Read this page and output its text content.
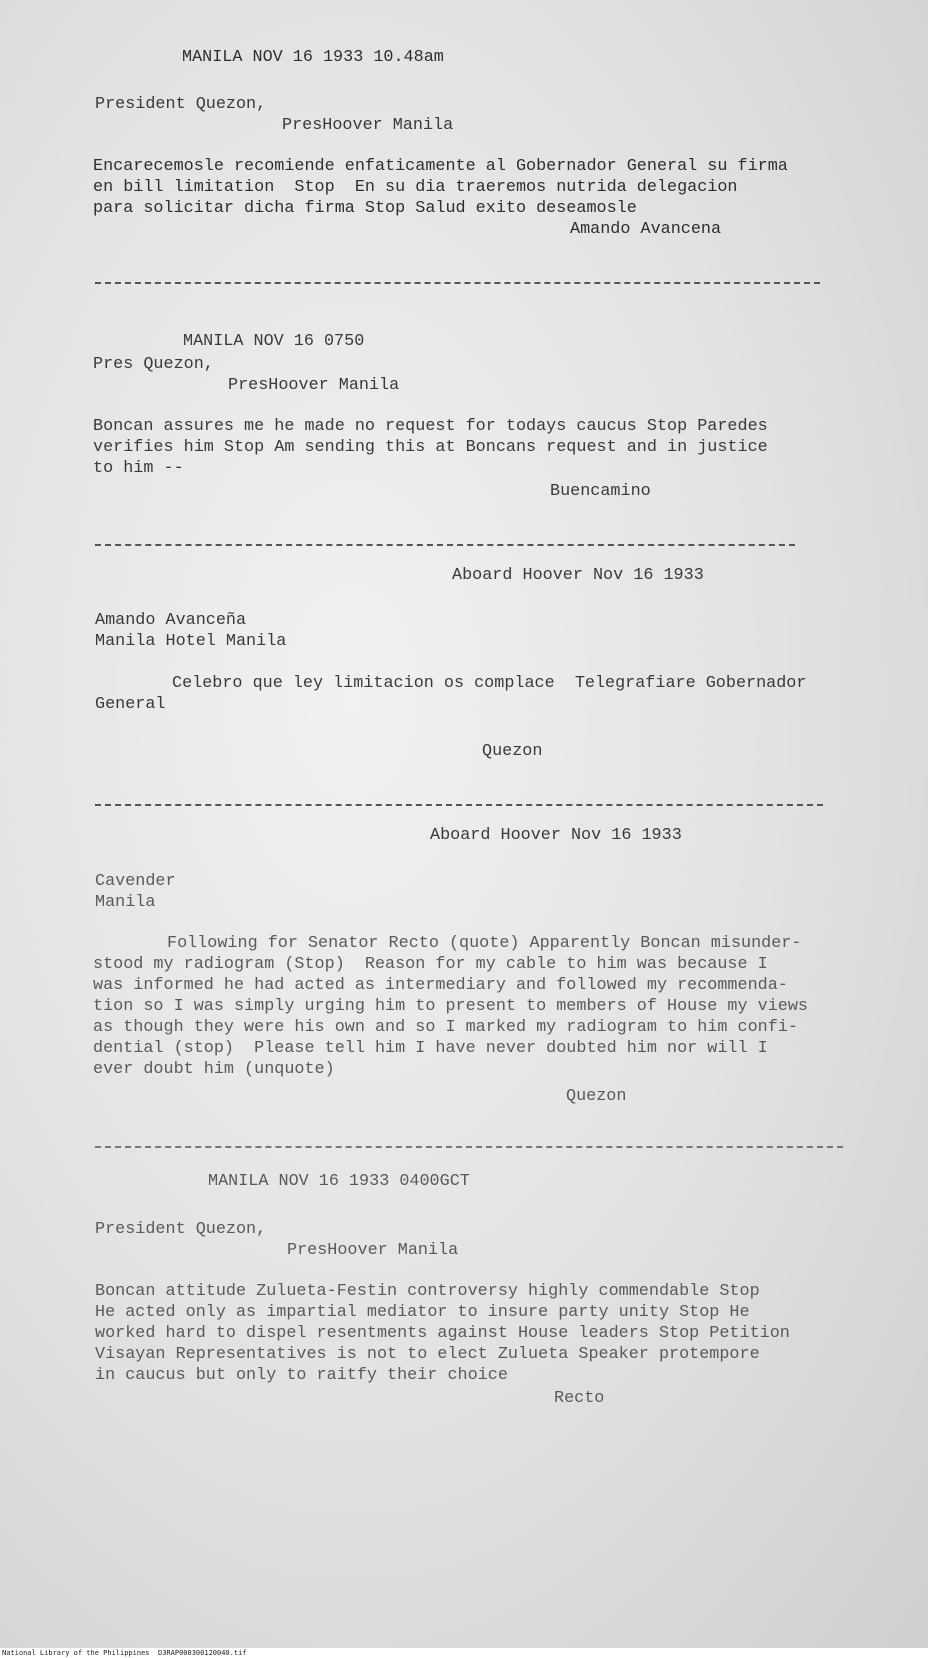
MANILA NOV 16 1933 10.48am
President Quezon,
PresHoover Manila
Encarecemosle recomiende enfaticamente al Gobernador General su firma
en bill limitation  Stop  En su dia traeremos nutrida delegacion
para solicitar dicha firma Stop Salud exito deseamosle
Amando Avancena
MANILA NOV 16 0750
Pres Quezon,
PresHoover Manila
Boncan assures me he made no request for todays caucus Stop Paredes
verifies him Stop Am sending this at Boncans request and in justice
to him --
Buencamino
Aboard Hoover Nov 16 1933
Amando Avanceña
Manila Hotel Manila
Celebro que ley limitacion os complace  Telegrafiare Gobernador
General
Quezon
Aboard Hoover Nov 16 1933
Cavender
Manila
Following for Senator Recto (quote) Apparently Boncan misunder-
stood my radiogram (Stop)  Reason for my cable to him was because I
was informed he had acted as intermediary and followed my recommenda-
tion so I was simply urging him to present to members of House my views
as though they were his own and so I marked my radiogram to him confi-
dential (stop)  Please tell him I have never doubted him nor will I
ever doubt him (unquote)
Quezon
MANILA NOV 16 1933 0400GCT
President Quezon,
PresHoover Manila
Boncan attitude Zulueta-Festin controversy highly commendable Stop
He acted only as impartial mediator to insure party unity Stop He
worked hard to dispel resentments against House leaders Stop Petition
Visayan Representatives is not to elect Zulueta Speaker protempore
in caucus but only to raitfy their choice
Recto
National Library of the Philippines D3RAP000300120040.tif
